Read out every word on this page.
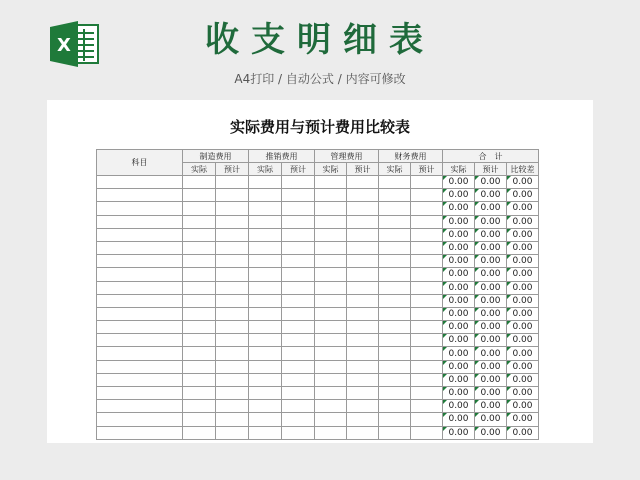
X	收支明细表
A4打印 / 自动公式 / 内容可修改
实际费用与预计费用比较表
科目	制造费用		推销费用		管理费用		财务费用		合　计		
	实际	预计	实际	预计	实际	预计	实际	预计	实际	预计	比较差
									0.00	0.00	0.00
									0.00	0.00	0.00
									0.00	0.00	0.00
									0.00	0.00	0.00
									0.00	0.00	0.00
									0.00	0.00	0.00
									0.00	0.00	0.00
									0.00	0.00	0.00
									0.00	0.00	0.00
									0.00	0.00	0.00
									0.00	0.00	0.00
									0.00	0.00	0.00
									0.00	0.00	0.00
									0.00	0.00	0.00
									0.00	0.00	0.00
									0.00	0.00	0.00
									0.00	0.00	0.00
									0.00	0.00	0.00
									0.00	0.00	0.00
									0.00	0.00	0.00
